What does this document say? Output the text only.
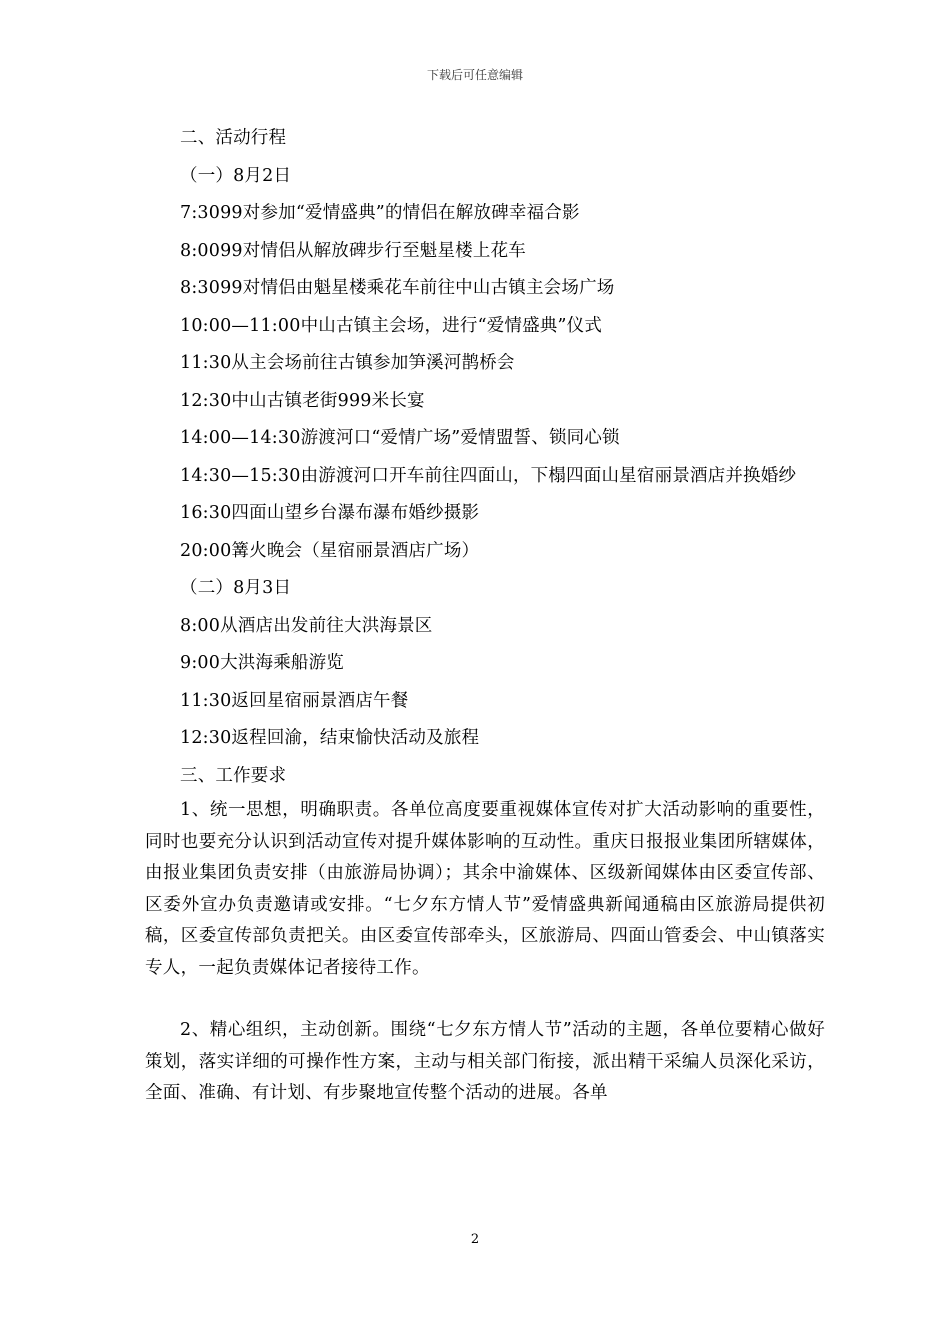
下载后可任意编辑
二、活动行程
（一）8月2日
7:3099对参加“爱情盛典”的情侣在解放碑幸福合影
8:0099对情侣从解放碑步行至魁星楼上花车
8:3099对情侣由魁星楼乘花车前往中山古镇主会场广场
10:00—11:00中山古镇主会场，进行“爱情盛典”仪式
11:30从主会场前往古镇参加笋溪河鹊桥会
12:30中山古镇老街999米长宴
14:00—14:30游渡河口“爱情广场”爱情盟誓、锁同心锁
14:30—15:30由游渡河口开车前往四面山，下榻四面山星宿丽景酒店并换婚纱
16:30四面山望乡台瀑布瀑布婚纱摄影
20:00篝火晚会（星宿丽景酒店广场）
（二）8月3日
8:00从酒店出发前往大洪海景区
9:00大洪海乘船游览
11:30返回星宿丽景酒店午餐
12:30返程回渝，结束愉快活动及旅程
三、工作要求
1、统一思想，明确职责。各单位高度要重视媒体宣传对扩大活动影响的重要性，同时也要充分认识到活动宣传对提升媒体影响的互动性。重庆日报报业集团所辖媒体，由报业集团负责安排（由旅游局协调）；其余中渝媒体、区级新闻媒体由区委宣传部、区委外宣办负责邀请或安排。“七夕东方情人节”爱情盛典新闻通稿由区旅游局提供初稿，区委宣传部负责把关。由区委宣传部牵头，区旅游局、四面山管委会、中山镇落实专人，一起负责媒体记者接待工作。
2、精心组织，主动创新。围绕“七夕东方情人节”活动的主题，各单位要精心做好策划，落实详细的可操作性方案，主动与相关部门衔接，派出精干采编人员深化采访，全面、准确、有计划、有步聚地宣传整个活动的进展。各单
2
